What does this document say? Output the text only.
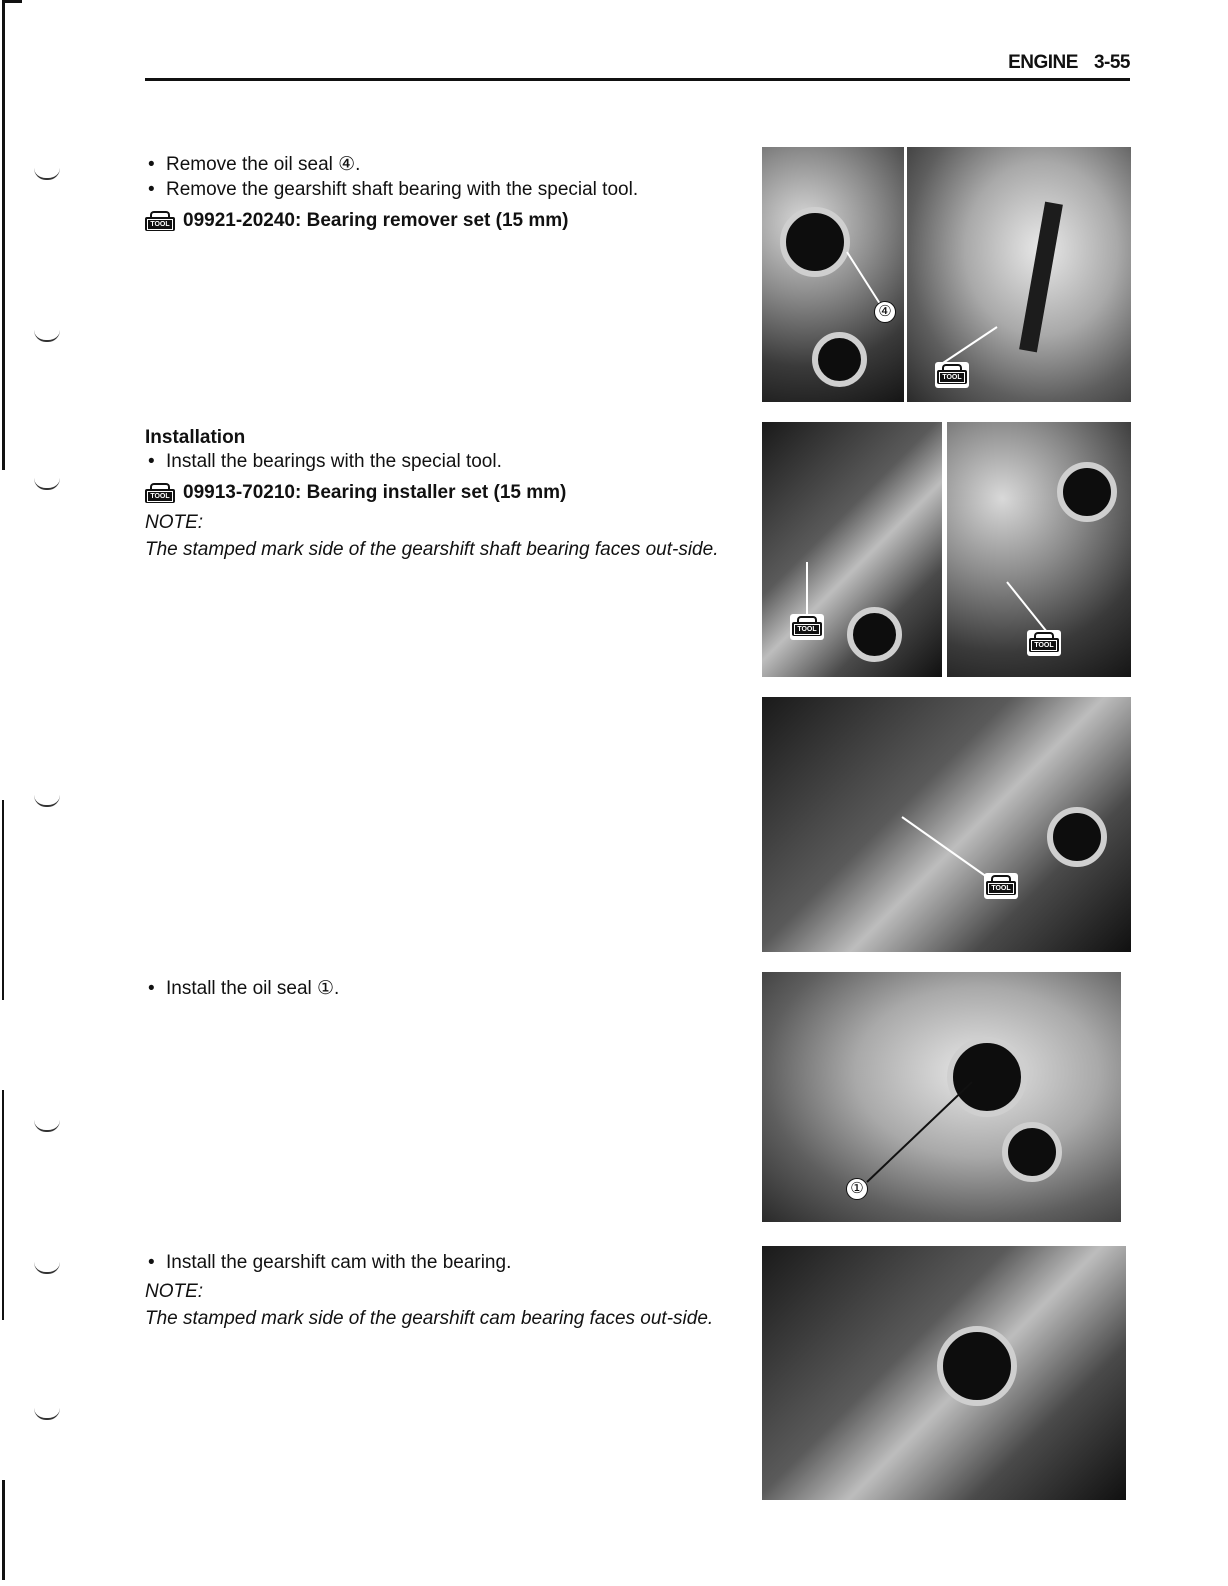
ENGINE 3-55
• Remove the oil seal ④.
• Remove the gearshift shaft bearing with the special tool.
TOOL 09921-20240: Bearing remover set (15 mm)
Installation
• Install the bearings with the special tool.
TOOL 09913-70210: Bearing installer set (15 mm)
NOTE:
The stamped mark side of the gearshift shaft bearing faces out-side.
• Install the oil seal ①.
• Install the gearshift cam with the bearing.
NOTE:
The stamped mark side of the gearshift cam bearing faces out-side.
④
TOOL
TOOL
TOOL
TOOL
①
